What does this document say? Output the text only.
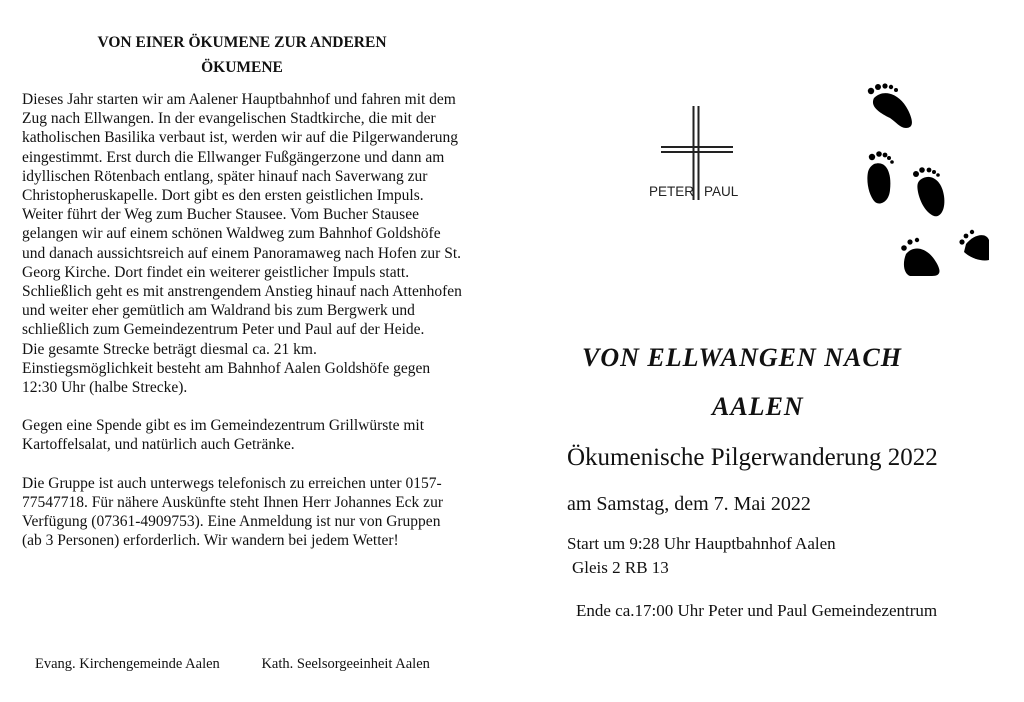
VON EINER ÖKUMENE ZUR ANDEREN
ÖKUMENE

Dieses Jahr starten wir am Aalener Hauptbahnhof und fahren mit dem Zug nach Ellwangen. In der evangelischen Stadtkirche, die mit der katholischen Basilika verbaut ist, werden wir auf die Pilgerwanderung eingestimmt. Erst durch die Ellwanger Fußgängerzone und dann am idyllischen Rötenbach entlang, später hinauf nach Saverwang zur Christopheruskapelle. Dort gibt es den ersten geistlichen Impuls. Weiter führt der Weg zum Bucher Stausee. Vom Bucher Stausee gelangen wir auf einem schönen Waldweg zum Bahnhof Goldshöfe und danach aussichtsreich auf einem Panoramaweg nach Hofen zur St. Georg Kirche. Dort findet ein weiterer geistlicher Impuls statt. Schließlich geht es mit anstrengendem Anstieg hinauf nach Attenhofen und weiter eher gemütlich am Waldrand bis zum Bergwerk und schließlich zum Gemeindezentrum Peter und Paul auf der Heide.

Die gesamte Strecke beträgt diesmal ca. 21 km.

Einstiegsmöglichkeit besteht am Bahnhof Aalen Goldshöfe gegen 12:30 Uhr (halbe Strecke).

Gegen eine Spende gibt es im Gemeindezentrum Grillwürste mit Kartoffelsalat, und natürlich auch Getränke.

Die Gruppe ist auch unterwegs telefonisch zu erreichen unter 0157-77547718. Für nähere Auskünfte steht Ihnen Herr Johannes Eck zur Verfügung (07361-4909753). Eine Anmeldung ist nur von Gruppen (ab 3 Personen) erforderlich. Wir wandern bei jedem Wetter!

Evang. Kirchengemeinde Aalen	Kath. Seelsorgeeinheit Aalen
PETER PAUL
VON ELLWANGEN NACH
AALEN
Ökumenische Pilgerwanderung 2022
am Samstag, dem 7. Mai 2022
Start um 9:28 Uhr Hauptbahnhof Aalen
Gleis 2 RB 13
Ende ca.17:00 Uhr Peter und Paul Gemeindezentrum
